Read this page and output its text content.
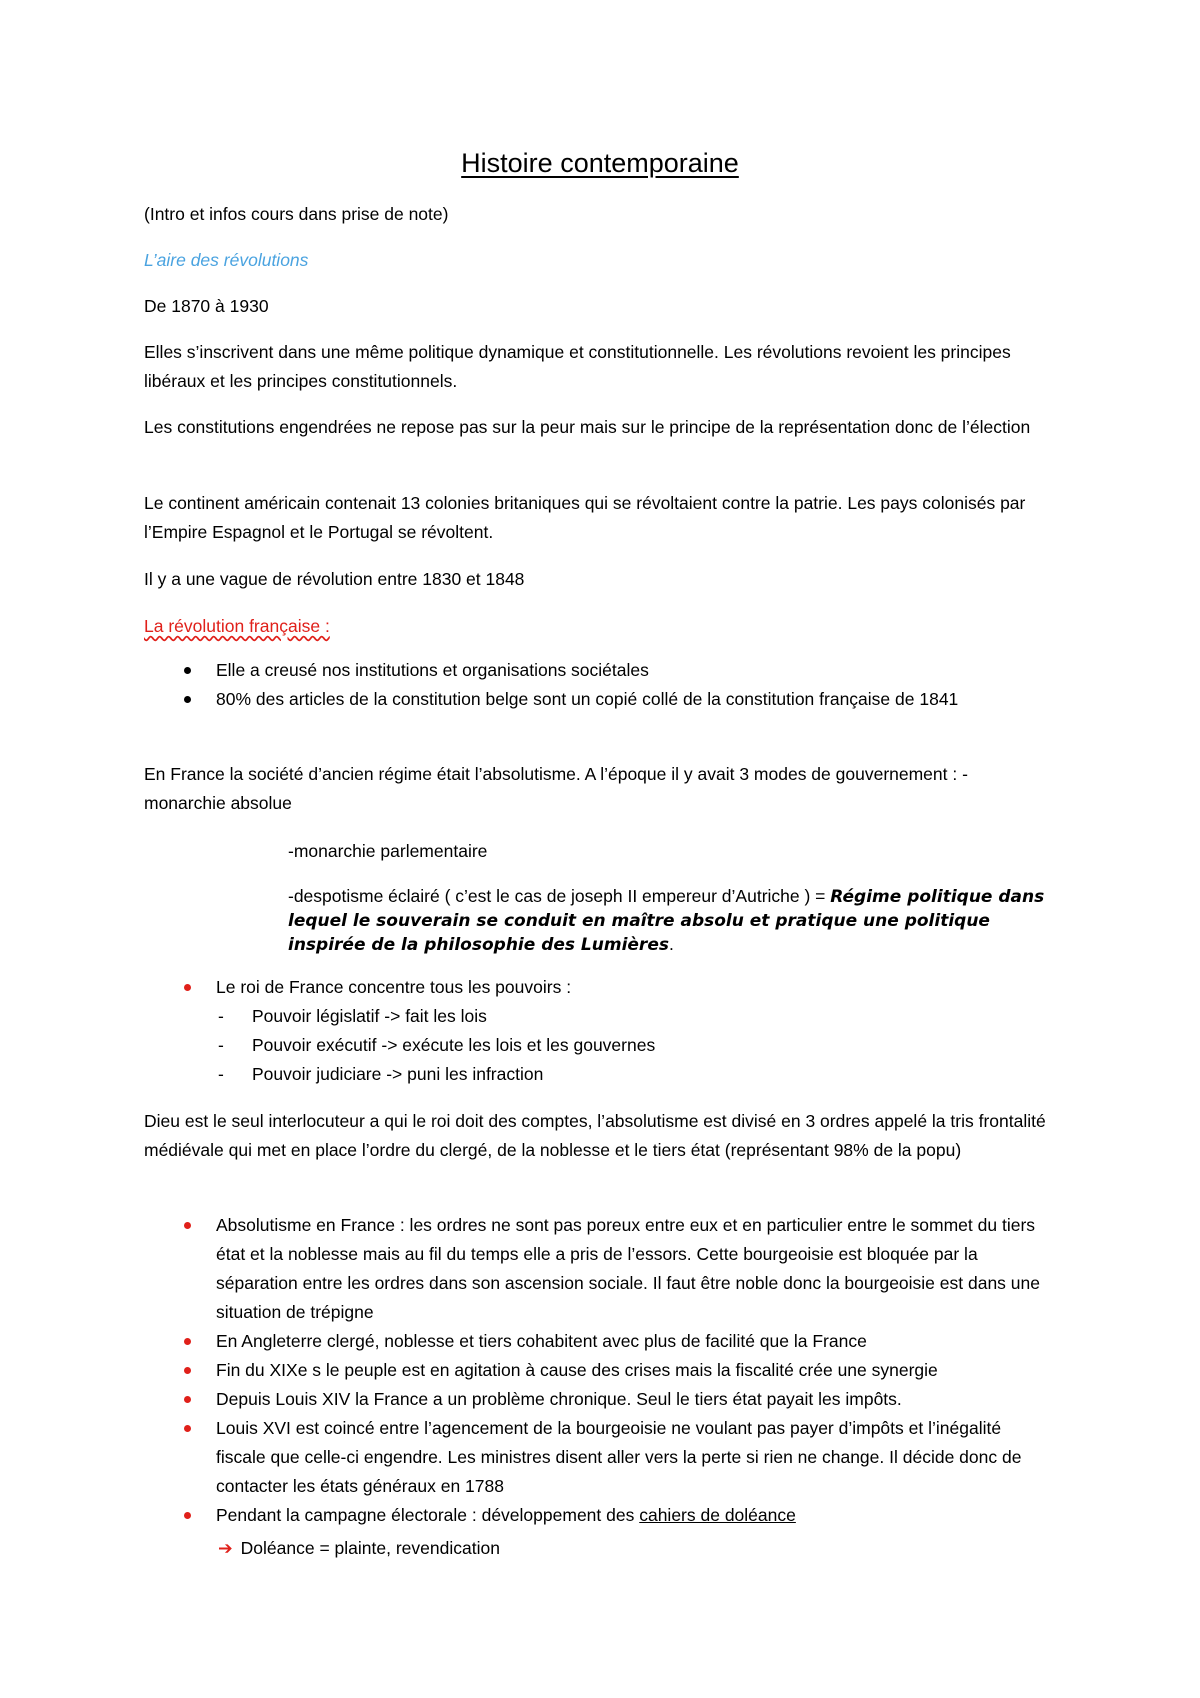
Histoire contemporaine

(Intro et infos cours dans prise de note)

L’aire des révolutions

De 1870 à 1930

Elles s’inscrivent dans une même politique dynamique et constitutionnelle. Les révolutions revoient les principes libéraux et les principes constitutionnels.

Les constitutions engendrées ne repose pas sur la peur mais sur le principe de la représentation donc de l’élection

Le continent américain contenait 13 colonies britaniques qui se révoltaient contre la patrie. Les pays colonisés par l’Empire Espagnol et le Portugal se révoltent.

Il y a une vague de révolution entre 1830 et 1848

La révolution française :

Elle a creusé nos institutions et organisations sociétales
80% des articles de la constitution belge sont un copié collé de la constitution française de 1841

En France la société d’ancien régime était l’absolutisme. A l’époque il y avait 3 modes de gouvernement : -monarchie absolue

-monarchie parlementaire

-despotisme éclairé ( c’est le cas de joseph II empereur d’Autriche ) = Régime politique dans lequel le souverain se conduit en maître absolu et pratique une politique inspirée de la philosophie des Lumières.

Le roi de France concentre tous les pouvoirs :
- Pouvoir législatif -> fait les lois
- Pouvoir exécutif -> exécute les lois et les gouvernes
- Pouvoir judiciare -> puni les infraction

Dieu est le seul interlocuteur a qui le roi doit des comptes, l’absolutisme est divisé en 3 ordres appelé la tris frontalité médiévale qui met en place l’ordre du clergé, de la noblesse et le tiers état (représentant 98% de la popu)

Absolutisme en France : les ordres ne sont pas poreux entre eux et en particulier entre le sommet du tiers état et la noblesse mais au fil du temps elle a pris de l’essors. Cette bourgeoisie est bloquée par la séparation entre les ordres dans son ascension sociale. Il faut être noble donc la bourgeoisie est dans une situation de trépigne
En Angleterre clergé, noblesse et tiers cohabitent avec plus de facilité que la France
Fin du XIXe s le peuple est en agitation à cause des crises mais la fiscalité crée une synergie
Depuis Louis XIV la France a un problème chronique. Seul le tiers état payait les impôts.
Louis XVI est coincé entre l’agencement de la bourgeoisie ne voulant pas payer d’impôts et l’inégalité fiscale que celle-ci engendre. Les ministres disent aller vers la perte si rien ne change. Il décide donc de contacter les états généraux en 1788
Pendant la campagne électorale : développement des cahiers de doléance
➔ Doléance = plainte, revendication
